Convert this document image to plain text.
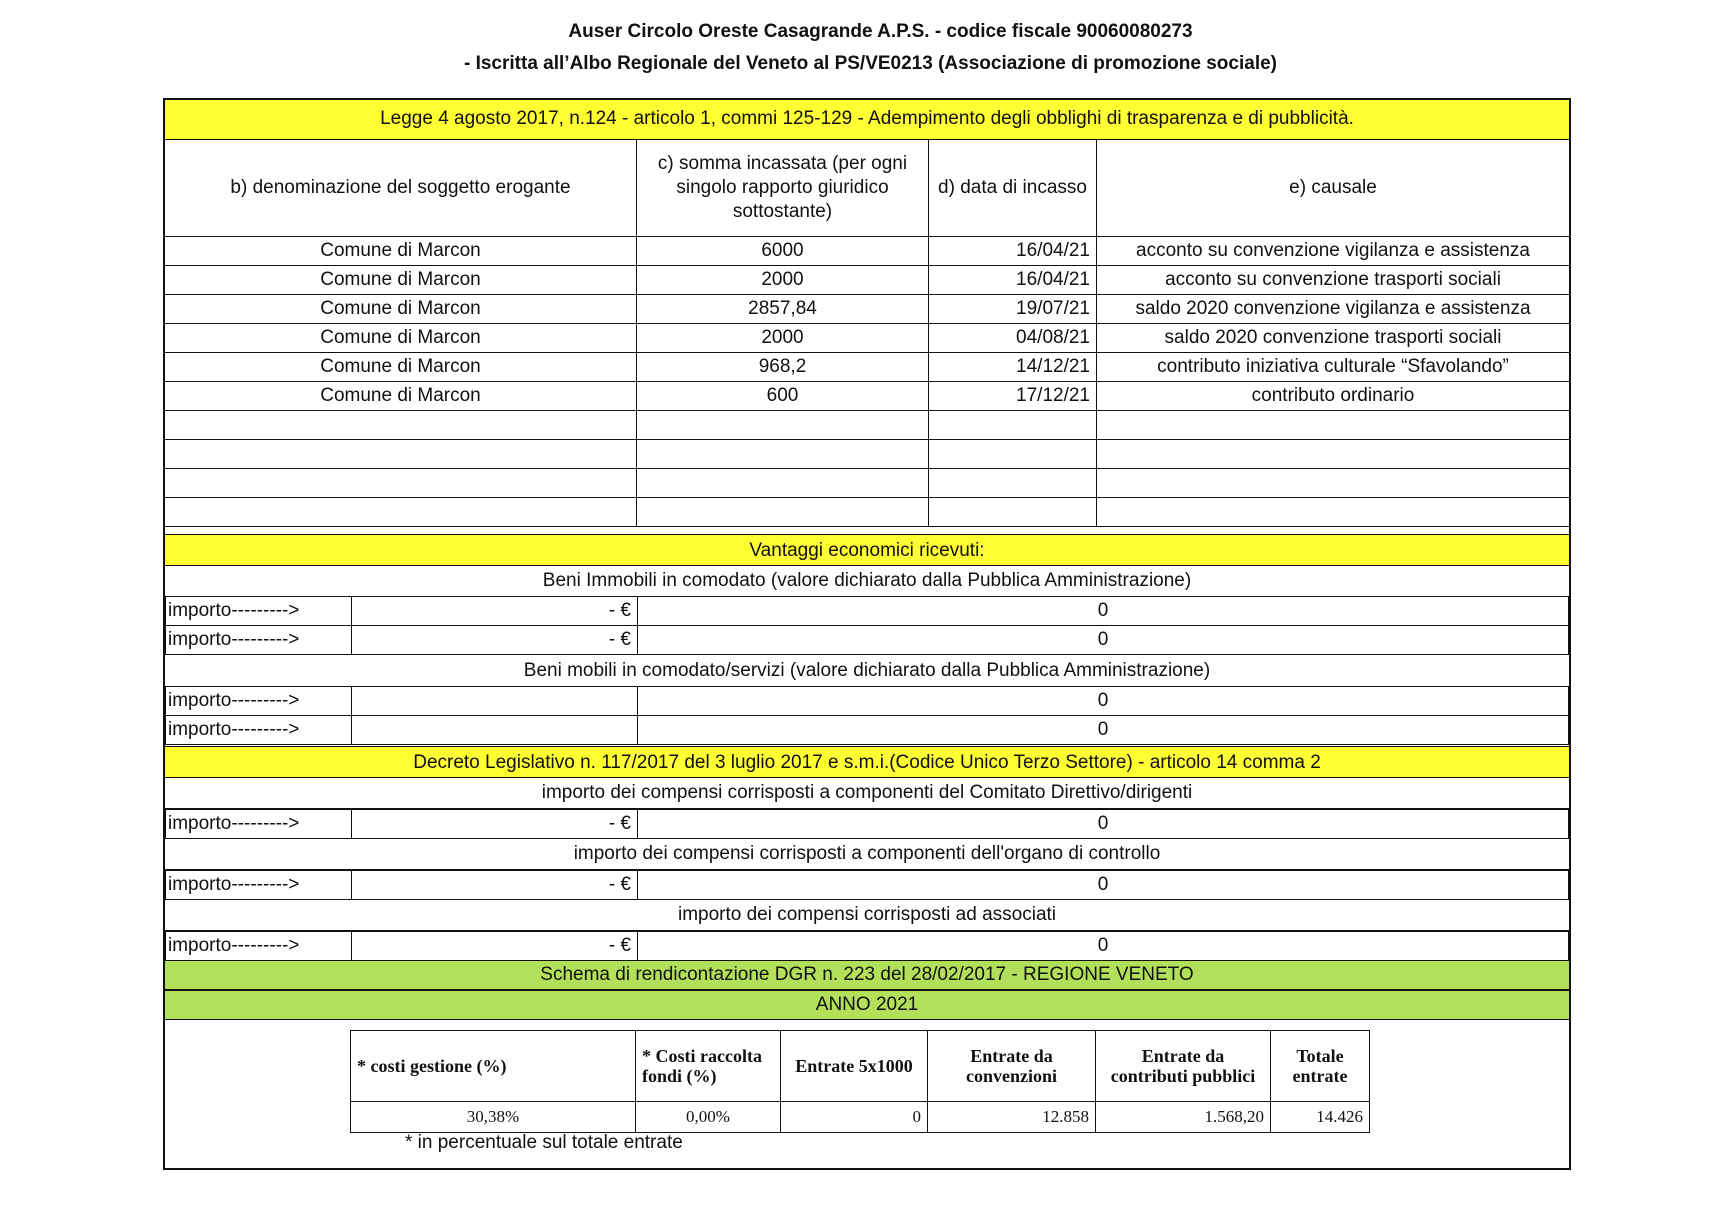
Auser Circolo Oreste Casagrande A.P.S. - codice fiscale 90060080273
- Iscritta all’Albo Regionale del Veneto al PS/VE0213 (Associazione di promozione sociale)
Legge 4 agosto 2017, n.124 - articolo 1, commi 125-129 - Adempimento degli obblighi di trasparenza e di pubblicità.
b) denominazione del soggetto erogante	c) somma incassata (per ogni singolo rapporto giuridico sottostante)	d) data di incasso	e) causale
Comune di Marcon	6000	16/04/21	acconto su convenzione vigilanza e assistenza
Comune di Marcon	2000	16/04/21	acconto su convenzione trasporti sociali
Comune di Marcon	2857,84	19/07/21	saldo 2020 convenzione vigilanza e assistenza
Comune di Marcon	2000	04/08/21	saldo 2020 convenzione trasporti sociali
Comune di Marcon	968,2	14/12/21	contributo iniziativa culturale “Sfavolando”
Comune di Marcon	600	17/12/21	contributo ordinario

Vantaggi economici ricevuti:
Beni Immobili in comodato (valore dichiarato dalla Pubblica Amministrazione)
importo--------->	- €	0
importo--------->	- €	0
Beni mobili in comodato/servizi (valore dichiarato dalla Pubblica Amministrazione)
importo--------->		0
importo--------->		0
Decreto Legislativo n. 117/2017 del 3 luglio 2017 e s.m.i.(Codice Unico Terzo Settore) - articolo 14 comma 2
importo dei compensi corrisposti a componenti del Comitato Direttivo/dirigenti
importo--------->	- €	0
importo dei compensi corrisposti a componenti dell'organo di controllo
importo--------->	- €	0
importo dei compensi corrisposti ad associati
importo--------->	- €	0
Schema di rendicontazione DGR n. 223 del 28/02/2017 - REGIONE VENETO
ANNO 2021
* costi gestione (%)	* Costi raccolta fondi (%)	Entrate 5x1000	Entrate da convenzioni	Entrate da contributi pubblici	Totale entrate
30,38%	0,00%	0	12.858	1.568,20	14.426
* in percentuale sul totale entrate
